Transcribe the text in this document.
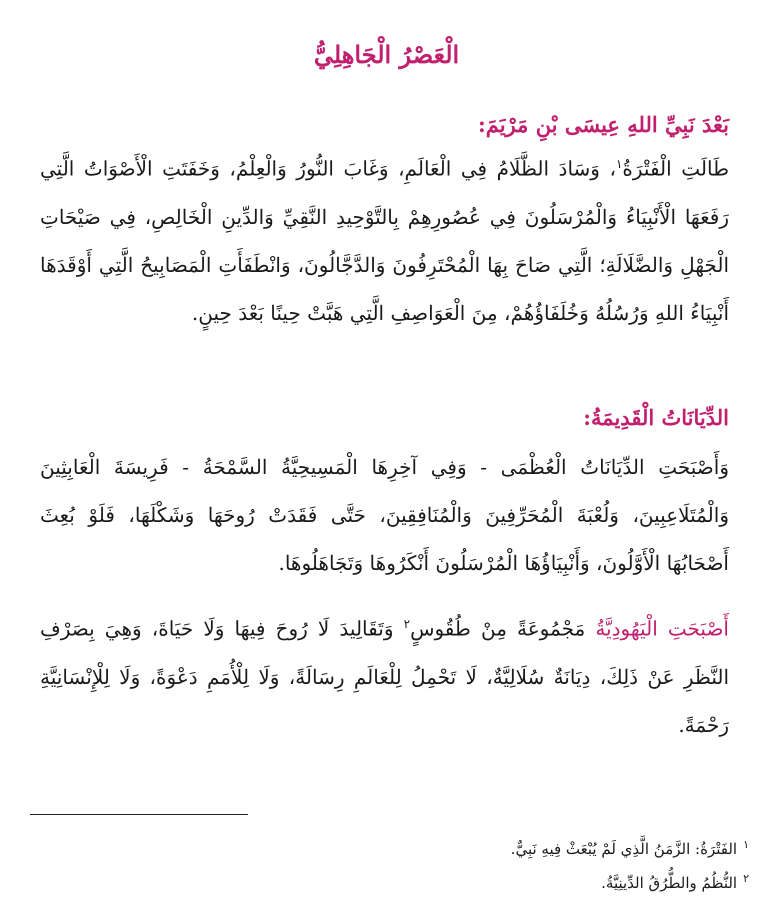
الْعَصْرُ الْجَاهِلِيُّ
بَعْدَ نَبِيِّ اللهِ عِيسَى بْنِ مَرْيَمَ:

طَالَتِ الْفَتْرَةُ$^١$، وَسَادَ الظَّلَامُ فِي الْعَالَمِ، وَغَابَ النُّورُ وَالْعِلْمُ، وَخَفَتَتِ الْأَصْوَاتُ الَّتِي رَفَعَهَا الْأَنْبِيَاءُ وَالْمُرْسَلُونَ فِي عُصُورِهِمْ بِالتَّوْحِيدِ النَّقِيِّ وَالدِّينِ الْخَالِصِ، فِي صَيْحَاتِ الْجَهْلِ وَالضَّلَالَةِ؛ الَّتِي صَاحَ بِهَا الْمُحْتَرِفُونَ وَالدَّجَّالُونَ، وَانْطَفَأَتِ الْمَصَابِيحُ الَّتِي أَوْقَدَهَا أَنْبِيَاءُ اللهِ وَرُسُلُهُ وَخُلَفَاؤُهُمْ، مِنَ الْعَوَاصِفِ الَّتِي هَبَّتْ حِينًا بَعْدَ حِينٍ.

الدِّيَانَاتُ الْقَدِيمَةُ:

وَأَصْبَحَتِ الدِّيَانَاتُ الْعُظْمَى - وَفِي آخِرِهَا الْمَسِيحِيَّةُ السَّمْحَةُ - فَرِيسَةَ الْعَابِثِينَ وَالْمُتَلَاعِبِينَ، وَلُعْبَةَ الْمُحَرِّفِينَ وَالْمُنَافِقِينَ، حَتَّى فَقَدَتْ رُوحَهَا وَشَكْلَهَا، فَلَوْ بُعِثَ أَصْحَابُهَا الْأَوَّلُونَ، وَأَنْبِيَاؤُهَا الْمُرْسَلُونَ أَنْكَرُوهَا وَتَجَاهَلُوهَا.

أَصْبَحَتِ الْيَهُودِيَّةُ مَجْمُوعَةً مِنْ طُقُوسٍ$^٢$ وَتَقَالِيدَ لَا رُوحَ فِيهَا وَلَا حَيَاةَ، وَهِيَ بِصَرْفِ النَّظَرِ عَنْ ذَلِكَ، دِيَانَةٌ سُلَالِيَّةٌ، لَا تَحْمِلُ لِلْعَالَمِ رِسَالَةً، وَلَا لِلْأُمَمِ دَعْوَةً، وَلَا لِلْإِنْسَانِيَّةِ رَحْمَةً.

$^١$الفَتْرَةُ: الزَّمَنُ الَّذِي لَمْ يُبْعَثْ فِيهِ نَبِيٌّ.
$^٢$النُّظُمُ والطُّرُقُ الدِّينِيَّةُ.
